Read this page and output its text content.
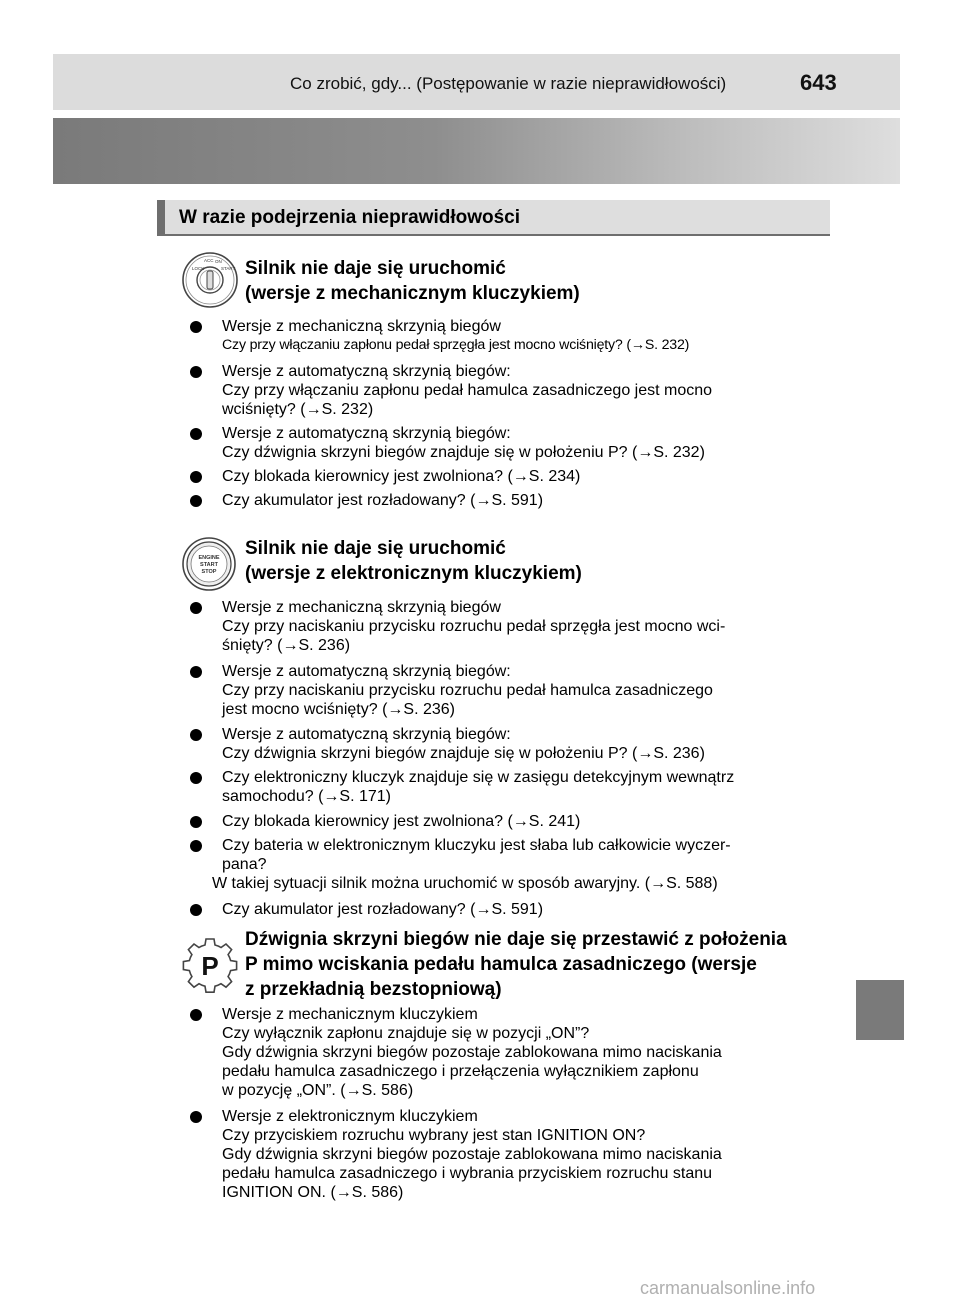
Co zrobić, gdy... (Postępowanie w razie nieprawidłowości)	643
W razie podejrzenia nieprawidłowości
LOCK
ACC ON
START
ENGINE
START
STOP
P
Silnik nie daje się uruchomić
(wersje z mechanicznym kluczykiem)
Wersje z mechaniczną skrzynią biegów
Czy przy włączaniu zapłonu pedał sprzęgła jest mocno wciśnięty? (→S. 232)
Wersje z automatyczną skrzynią biegów:
Czy przy włączaniu zapłonu pedał hamulca zasadniczego jest mocno
wciśnięty? (→S. 232)
Wersje z automatyczną skrzynią biegów:
Czy dźwignia skrzyni biegów znajduje się w położeniu P? (→S. 232)
Czy blokada kierownicy jest zwolniona? (→S. 234)
Czy akumulator jest rozładowany? (→S. 591)
Silnik nie daje się uruchomić
(wersje z elektronicznym kluczykiem)
Wersje z mechaniczną skrzynią biegów
Czy przy naciskaniu przycisku rozruchu pedał sprzęgła jest mocno wci-
śnięty? (→S. 236)
Wersje z automatyczną skrzynią biegów:
Czy przy naciskaniu przycisku rozruchu pedał hamulca zasadniczego
jest mocno wciśnięty? (→S. 236)
Wersje z automatyczną skrzynią biegów:
Czy dźwignia skrzyni biegów znajduje się w położeniu P? (→S. 236)
Czy elektroniczny kluczyk znajduje się w zasięgu detekcyjnym wewnątrz
samochodu? (→S. 171)
Czy blokada kierownicy jest zwolniona? (→S. 241)
Czy bateria w elektronicznym kluczyku jest słaba lub całkowicie wyczer-
pana?
W takiej sytuacji silnik można uruchomić w sposób awaryjny. (→S. 588)
Czy akumulator jest rozładowany? (→S. 591)
Dźwignia skrzyni biegów nie daje się przestawić z położenia
P mimo wciskania pedału hamulca zasadniczego (wersje
z przekładnią bezstopniową)
Wersje z mechanicznym kluczykiem
Czy wyłącznik zapłonu znajduje się w pozycji „ON”?
Gdy dźwignia skrzyni biegów pozostaje zablokowana mimo naciskania
pedału hamulca zasadniczego i przełączenia wyłącznikiem zapłonu
w pozycję „ON”. (→S. 586)
Wersje z elektronicznym kluczykiem
Czy przyciskiem rozruchu wybrany jest stan IGNITION ON?
Gdy dźwignia skrzyni biegów pozostaje zablokowana mimo naciskania
pedału hamulca zasadniczego i wybrania przyciskiem rozruchu stanu
IGNITION ON. (→S. 586)
carmanualsonline.info
